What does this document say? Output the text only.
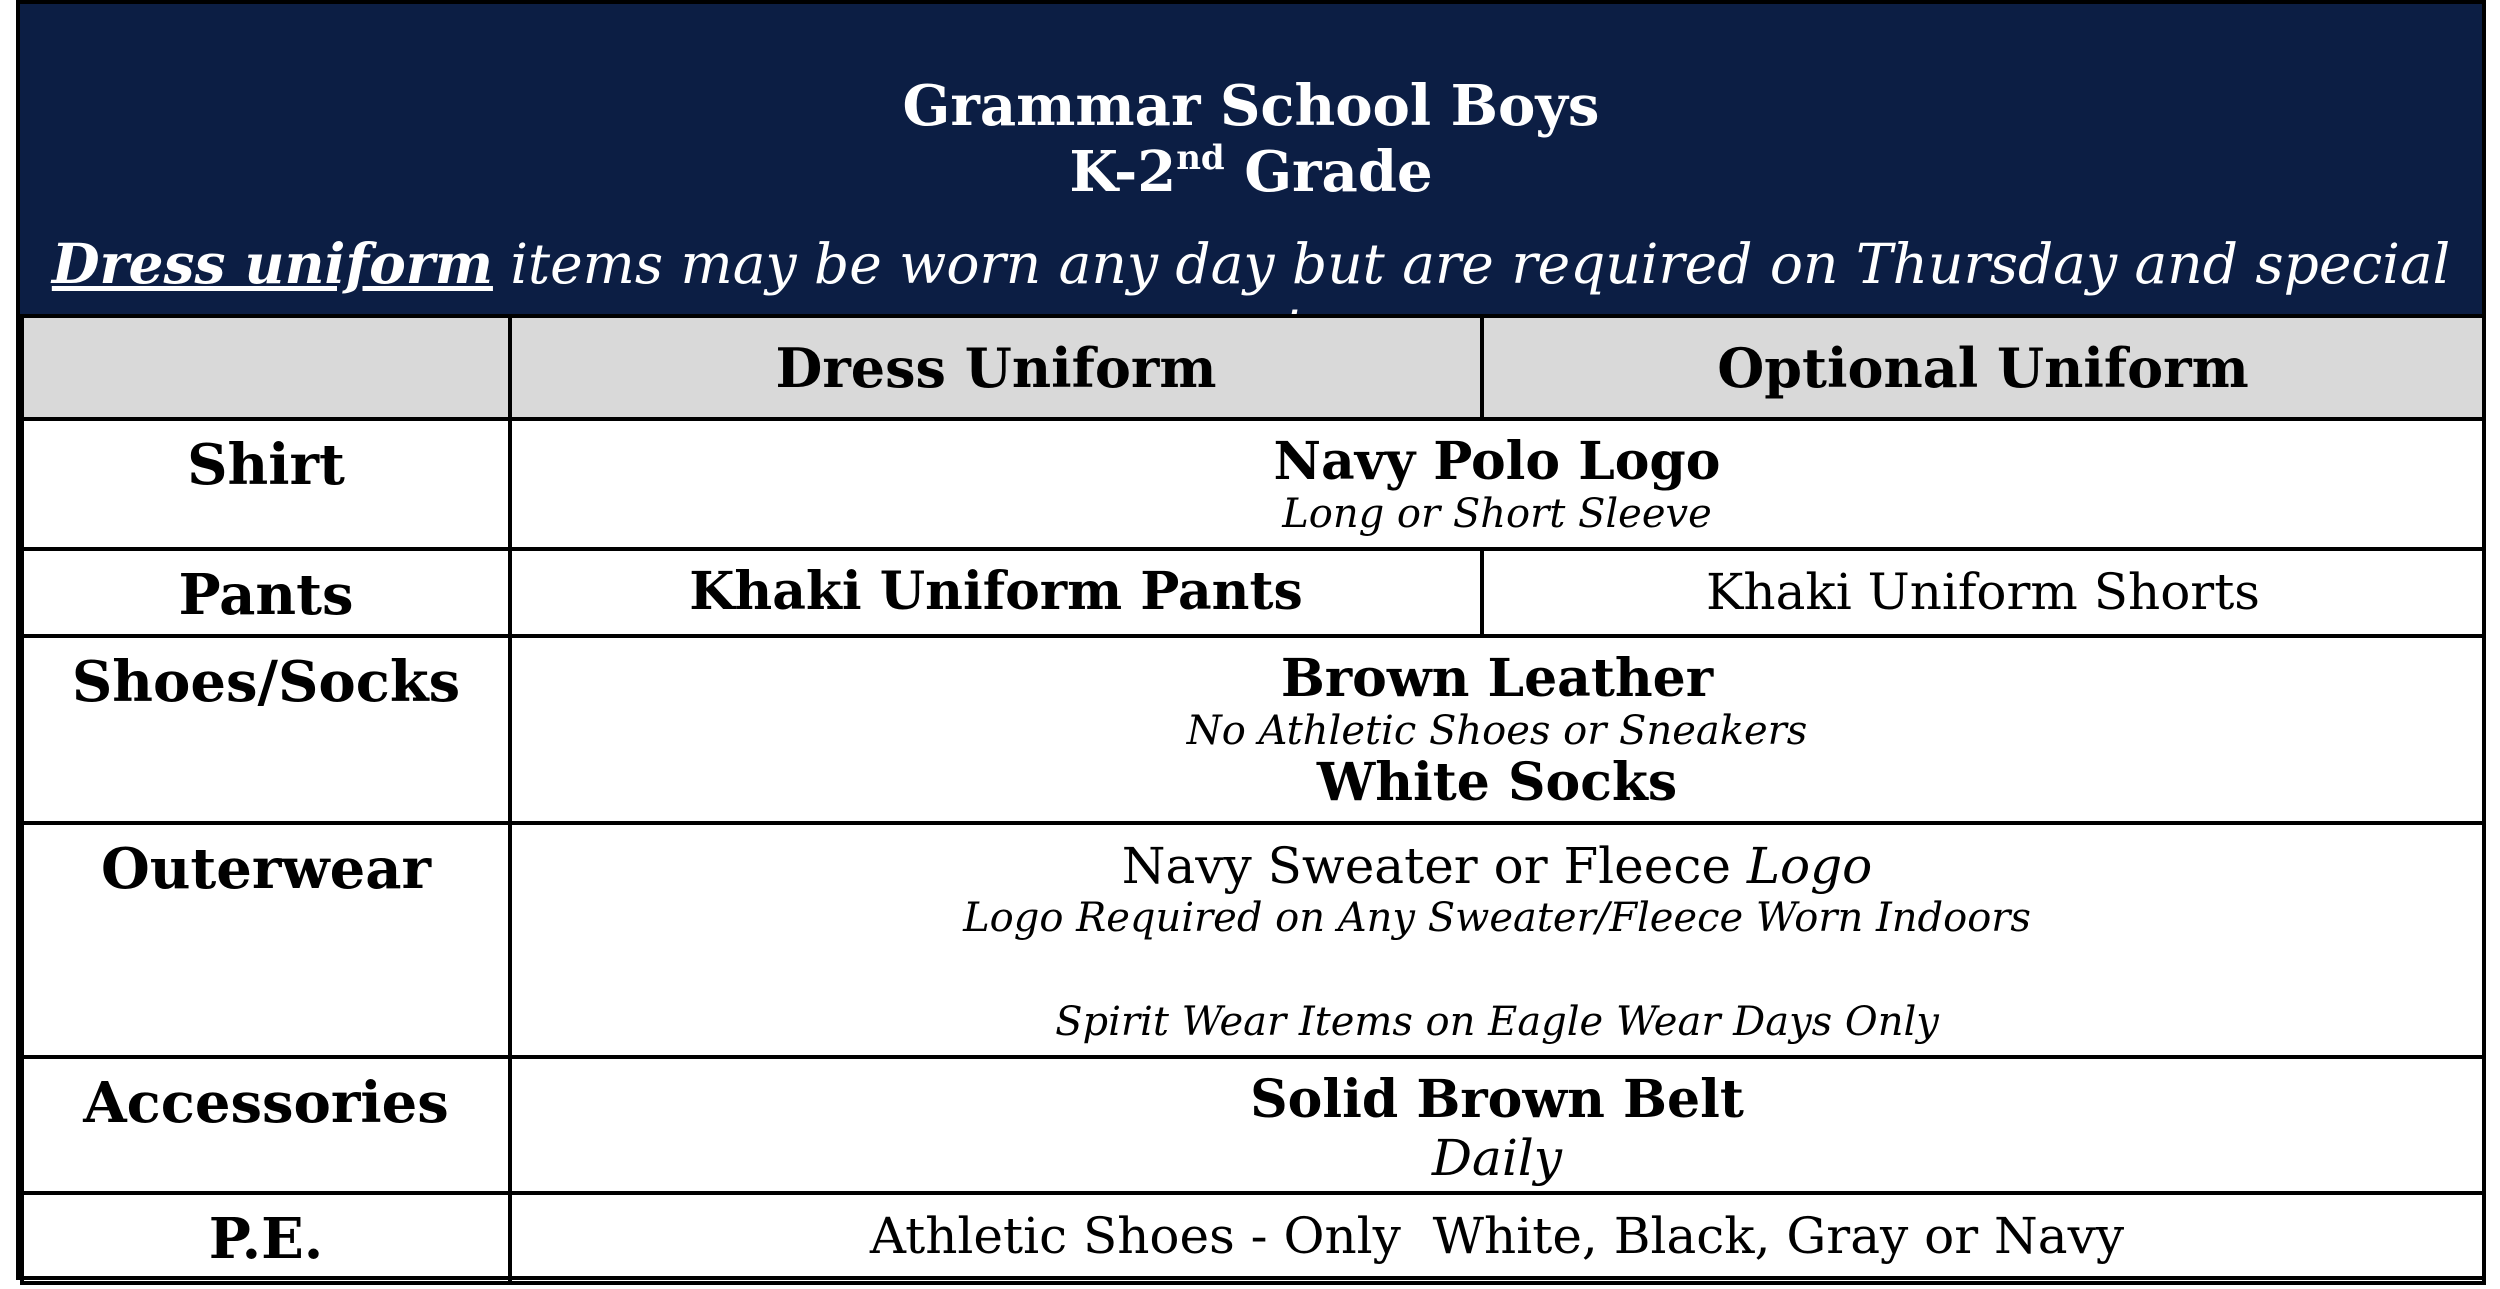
Grammar School Boys
K-2nd Grade
Dress uniform items may be worn any day but are required on Thursday and special
	Dress Uniform	Optional Uniform

Shirt	Navy Polo Logo
Long or Short Sleeve	

Pants	Khaki Uniform Pants	Khaki Uniform Shorts

Shoes/Socks	Brown Leather
No Athletic Shoes or Sneakers
White Socks	

Outerwear	Navy Sweater or Fleece Logo
Logo Required on Any Sweater/Fleece Worn Indoors
Spirit Wear Items on Eagle Wear Days Only	

Accessories	Solid Brown Belt
Daily	

P.E.	Athletic Shoes - Only  White, Black, Gray or Navy	
